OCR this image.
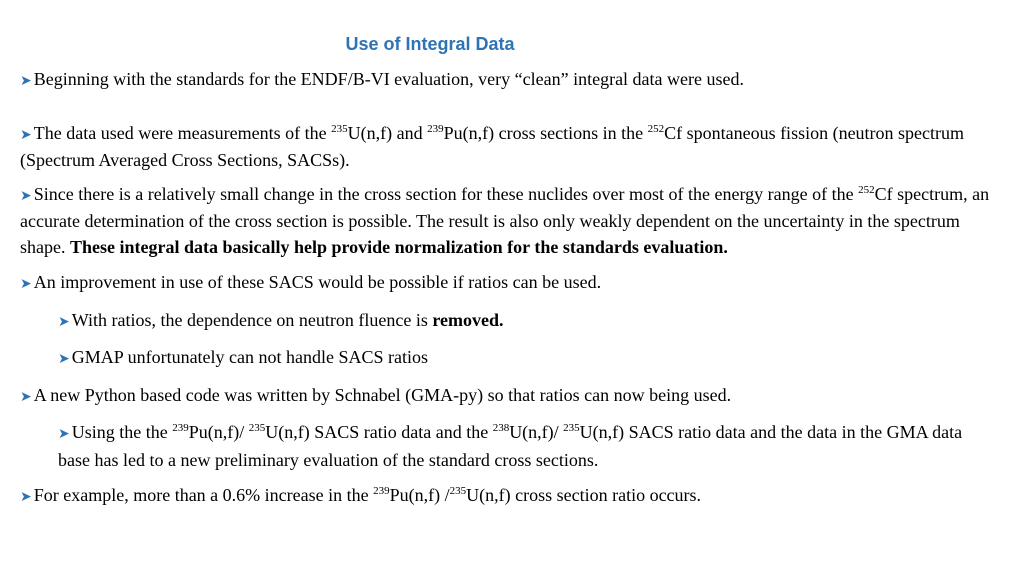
Use of Integral Data

➤ Beginning with the standards for the ENDF/B-VI evaluation, very “clean” integral data were used.

➤ The data used were measurements of the $^{235}$U(n,f) and $^{239}$Pu(n,f) cross sections in the $^{252}$Cf spontaneous fission (neutron spectrum (Spectrum Averaged Cross Sections, SACSs).

➤ Since there is a relatively small change in the cross section for these nuclides over most of the energy range of the $^{252}$Cf spectrum, an accurate determination of the cross section is possible. The result is also only weakly dependent on the uncertainty in the spectrum shape. These integral data basically help provide normalization for the standards evaluation.

➤ An improvement in use of these SACS would be possible if ratios can be used.

➤ With ratios, the dependence on neutron fluence is removed.

➤ GMAP unfortunately can not handle SACS ratios

➤ A new Python based code was written by Schnabel (GMA-py) so that ratios can now being used.

➤ Using the the $^{239}$Pu(n,f)/ $^{235}$U(n,f) SACS ratio data and the $^{238}$U(n,f)/ $^{235}$U(n,f) SACS ratio data and the data in the GMA data base has led to a new preliminary evaluation of the standard cross sections.

➤ For example, more than a 0.6% increase in the $^{239}$Pu(n,f) /$^{235}$U(n,f) cross section ratio occurs.
